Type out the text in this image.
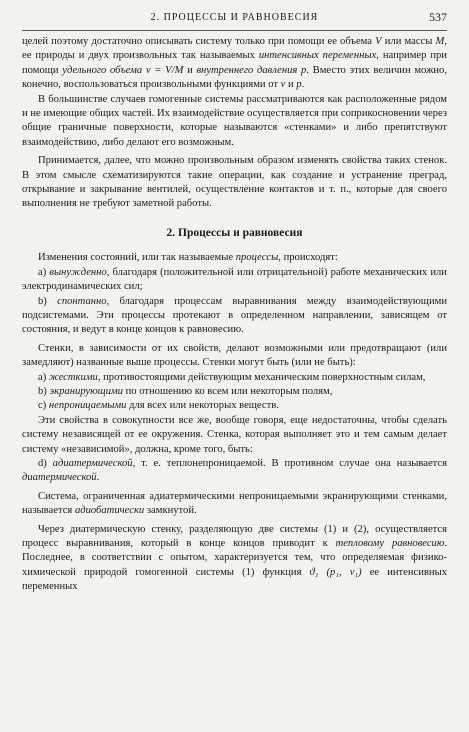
2. ПРОЦЕССЫ И РАВНОВЕСИЯ	537

целей поэтому достаточно описывать систему только при помощи ее объема V или массы M, ее природы и двух произвольных так называемых интенсивных переменных, например при помощи удельного объема v = V/M и внутреннего давления p. Вместо этих величин можно, конечно, воспользоваться произвольными функциями от v и p.

В большинстве случаев гомогенные системы рассматриваются как расположенные рядом и не имеющие общих частей. Их взаимодействие осуществляется при соприкосновении через общие граничные поверхности, которые называются «стенками» и либо препятствуют взаимодействию, либо делают его возможным.

Принимается, далее, что можно произвольным образом изменять свойства таких стенок. В этом смысле схематизируются такие операции, как создание и устранение преград, открывание и закрывание вентилей, осуществление контактов и т. п., которые для своего выполнения не требуют заметной работы.

2. Процессы и равновесия

Изменения состояний, или так называемые процессы, происходят:

a) вынужденно, благодаря (положительной или отрицательной) работе механических или электродинамических сил;

b) спонтанно, благодаря процессам выравнивания между взаимодействующими подсистемами. Эти процессы протекают в определенном направлении, зависящем от состояния, и ведут в конце концов к равновесию.

Стенки, в зависимости от их свойств, делают возможными или предотвращают (или замедляют) названные выше процессы. Стенки могут быть (или не быть):

a) жесткими, противостоящими действующим механическим поверхностным силам,

b) экранирующими по отношению ко всем или некоторым полям,

c) непроницаемыми для всех или некоторых веществ.

Эти свойства в совокупности все же, вообще говоря, еще недостаточны, чтобы сделать систему независящей от ее окружения. Стенка, которая выполняет это и тем самым делает систему «независимой», должна, кроме того, быть:

d) адиатермической, т. е. теплонепроницаемой. В противном случае она называется диатермической.

Система, ограниченная адиатермическими непроницаемыми экранирующими стенками, называется адиобатически замкнутой.

Через диатермическую стенку, разделяющую две системы (1) и (2), осуществляется процесс выравнивания, который в конце концов приводит к тепловому равновесию. Последнее, в соответствии с опытом, характеризуется тем, что определяемая физико-химической природой гомогенной системы (1) функция ϑ₁ (p₁, v₁) ее интенсивных переменных
